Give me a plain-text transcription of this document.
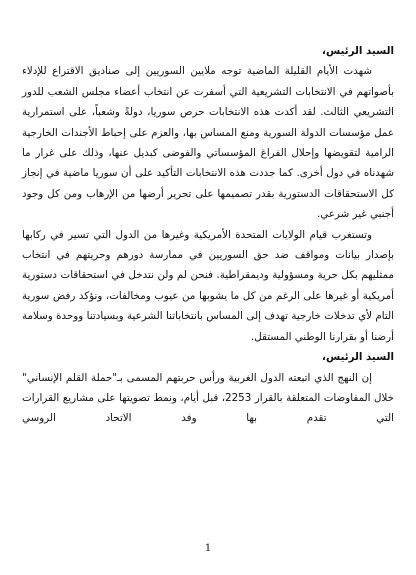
السيد الرئيس،

شهدت الأيام القليلة الماضية توجه ملايين السوريين إلى صناديق الاقتراع للإدلاء بأصواتهم في الانتخابات التشريعية التي أسفرت عن انتخاب أعضاء مجلس الشعب للدور التشريعي الثالث. لقد أكدت هذه الانتخابات حرص سوريا، دولةً وشعباً، على استمرارية عمل مؤسسات الدولة السورية ومنع المساس بها، والعزم على إحباط الأجندات الخارجية الرامية لتقويضها وإحلال الفراغ المؤسساتي والفوضى كبديل عنها، وذلك على غرار ما شهدناه في دول أخرى. كما جددت هذه الانتخابات التأكيد على أن سوريا ماضية في إنجاز كل الاستحقاقات الدستورية بقدر تصميمها على تحرير أرضها من الإرهاب ومن كل وجود أجنبي غير شرعي.

وتستغرب قيام الولايات المتحدة الأمريكية وغيرها من الدول التي تسير في ركابها بإصدار بيانات ومواقف ضد حق السوريين في ممارسة دورهم وحريتهم في انتخاب ممثليهم بكل حرية ومسؤولية وديمقراطية. فنحن لم ولن نتدخل في استحقاقات دستورية أمريكية أو غيرها على الرغم من كل ما يشوبها من عيوب ومخالفات، ونؤكد رفض سورية التام لأي تدخلات خارجية تهدف إلى المساس بانتخاباتنا الشرعية وبسيادتنا ووحدة وسلامة أرضنا أو بقرارنا الوطني المستقل.

السيد الرئيس،

إن النهج الذي اتبعته الدول الغربية ورأس حربتهم المسمى بـ"حملة القلم الإنساني" خلال المفاوضات المتعلقة بالقرار 2253، قبل أيام، ونمط تصويتها على مشاريع القرارات التي تقدم بها وفد الاتحاد الروسي

1
